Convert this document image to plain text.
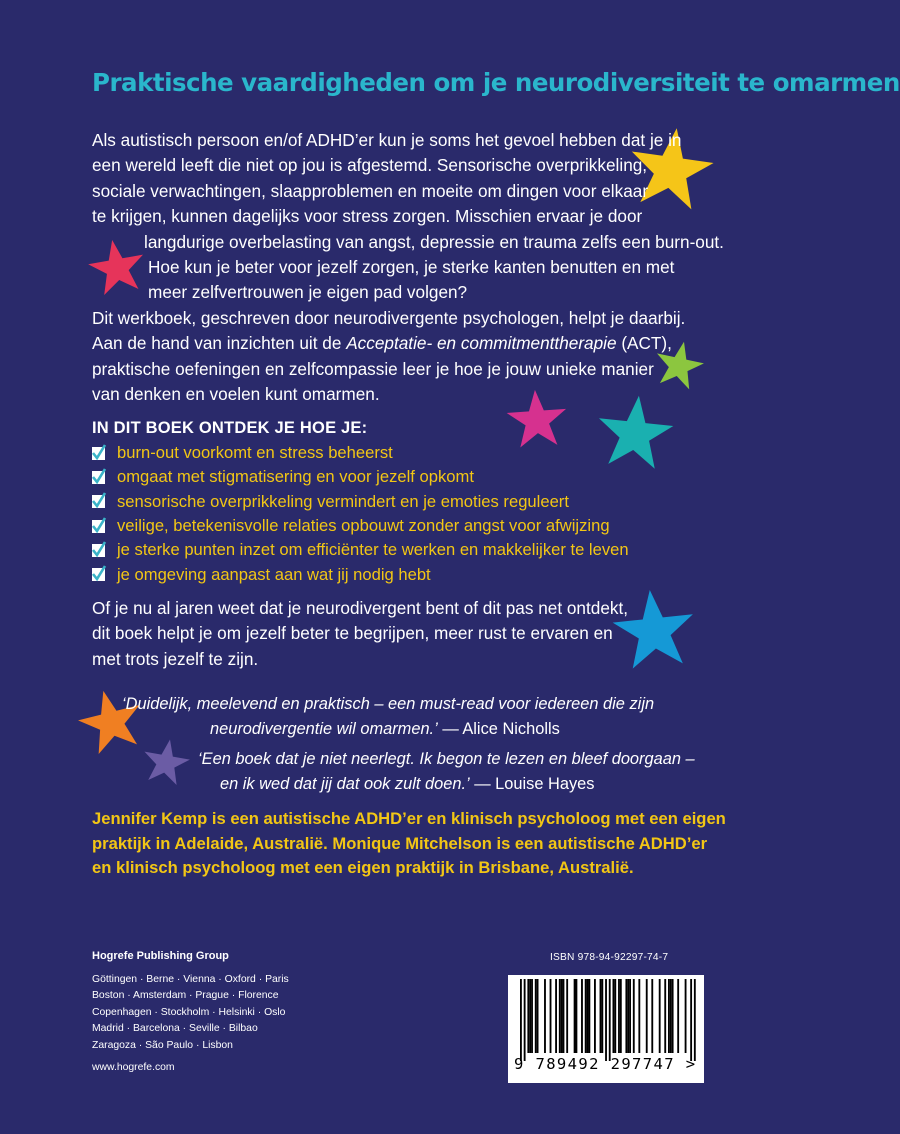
Praktische vaardigheden om je neurodiversiteit te omarmen
Als autistisch persoon en/of ADHD’er kun je soms het gevoel hebben dat je in
een wereld leeft die niet op jou is afgestemd. Sensorische overprikkeling,
sociale verwachtingen, slaapproblemen en moeite om dingen voor elkaar
te krijgen, kunnen dagelijks voor stress zorgen. Misschien ervaar je door
langdurige overbelasting van angst, depressie en trauma zelfs een burn-out.
Hoe kun je beter voor jezelf zorgen, je sterke kanten benutten en met
meer zelfvertrouwen je eigen pad volgen?
Dit werkboek, geschreven door neurodivergente psychologen, helpt je daarbij.
Aan de hand van inzichten uit de Acceptatie- en commitmenttherapie (ACT),
praktische oefeningen en zelfcompassie leer je hoe je jouw unieke manier
van denken en voelen kunt omarmen.
IN DIT BOEK ONTDEK JE HOE JE:
burn-out voorkomt en stress beheerst
omgaat met stigmatisering en voor jezelf opkomt
sensorische overprikkeling vermindert en je emoties reguleert
veilige, betekenisvolle relaties opbouwt zonder angst voor afwijzing
je sterke punten inzet om efficiënter te werken en makkelijker te leven
je omgeving aanpast aan wat jij nodig hebt
Of je nu al jaren weet dat je neurodivergent bent of dit pas net ontdekt,
dit boek helpt je om jezelf beter te begrijpen, meer rust te ervaren en
met trots jezelf te zijn.
‘Duidelijk, meelevend en praktisch – een must-read voor iedereen die zijn
neurodivergentie wil omarmen.’ — Alice Nicholls
‘Een boek dat je niet neerlegt. Ik begon te lezen en bleef doorgaan –
en ik wed dat jij dat ook zult doen.’ — Louise Hayes
Jennifer Kemp is een autistische ADHD’er en klinisch psycholoog met een eigen
praktijk in Adelaide, Australië. Monique Mitchelson is een autistische ADHD’er
en klinisch psycholoog met een eigen praktijk in Brisbane, Australië.
Hogrefe Publishing Group
Göttingen · Berne · Vienna · Oxford · Paris
Boston · Amsterdam · Prague · Florence
Copenhagen · Stockholm · Helsinki · Oslo
Madrid · Barcelona · Seville · Bilbao
Zaragoza · São Paulo · Lisbon
www.hogrefe.com
ISBN 978-94-92297-74-7
9 789492 297747 >
